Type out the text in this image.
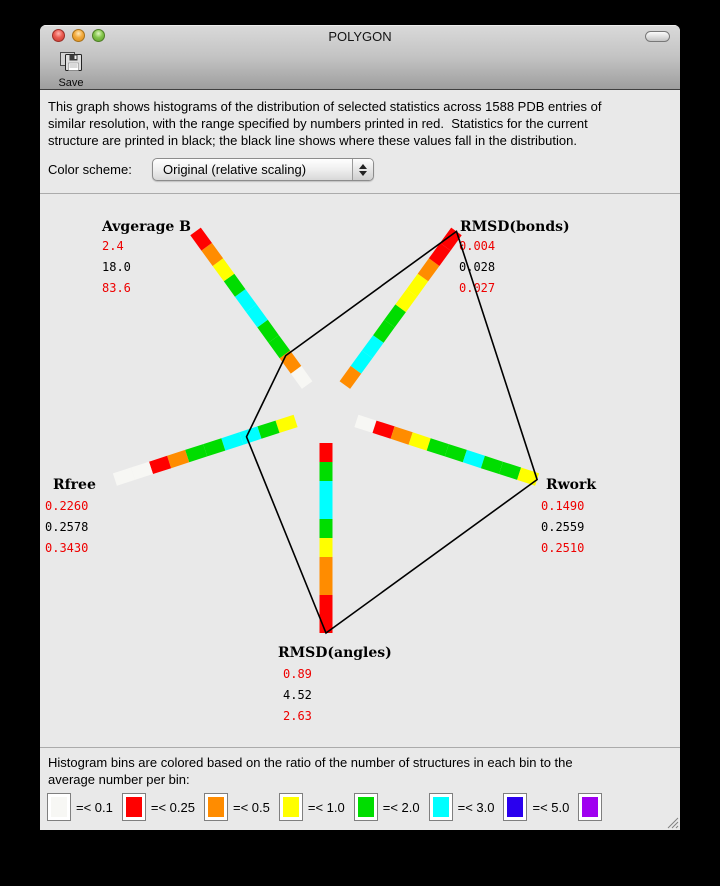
POLYGON
Save
This graph shows histograms of the distribution of selected statistics across 1588 PDB entries of
similar resolution, with the range specified by numbers printed in red.  Statistics for the current
structure are printed in black; the black line shows where these values fall in the distribution.
Color scheme: Original (relative scaling)
Avgerage B
2.4
18.0
83.6
RMSD(bonds)
0.004
0.028
0.027
Rwork
0.1490
0.2559
0.2510
RMSD(angles)
0.89
4.52
2.63
Rfree
0.2260
0.2578
0.3430
Histogram bins are colored based on the ratio of the number of structures in each bin to the
average number per bin:
=< 0.1	=< 0.25	=< 0.5	=< 1.0	=< 2.0	=< 3.0	=< 5.0
